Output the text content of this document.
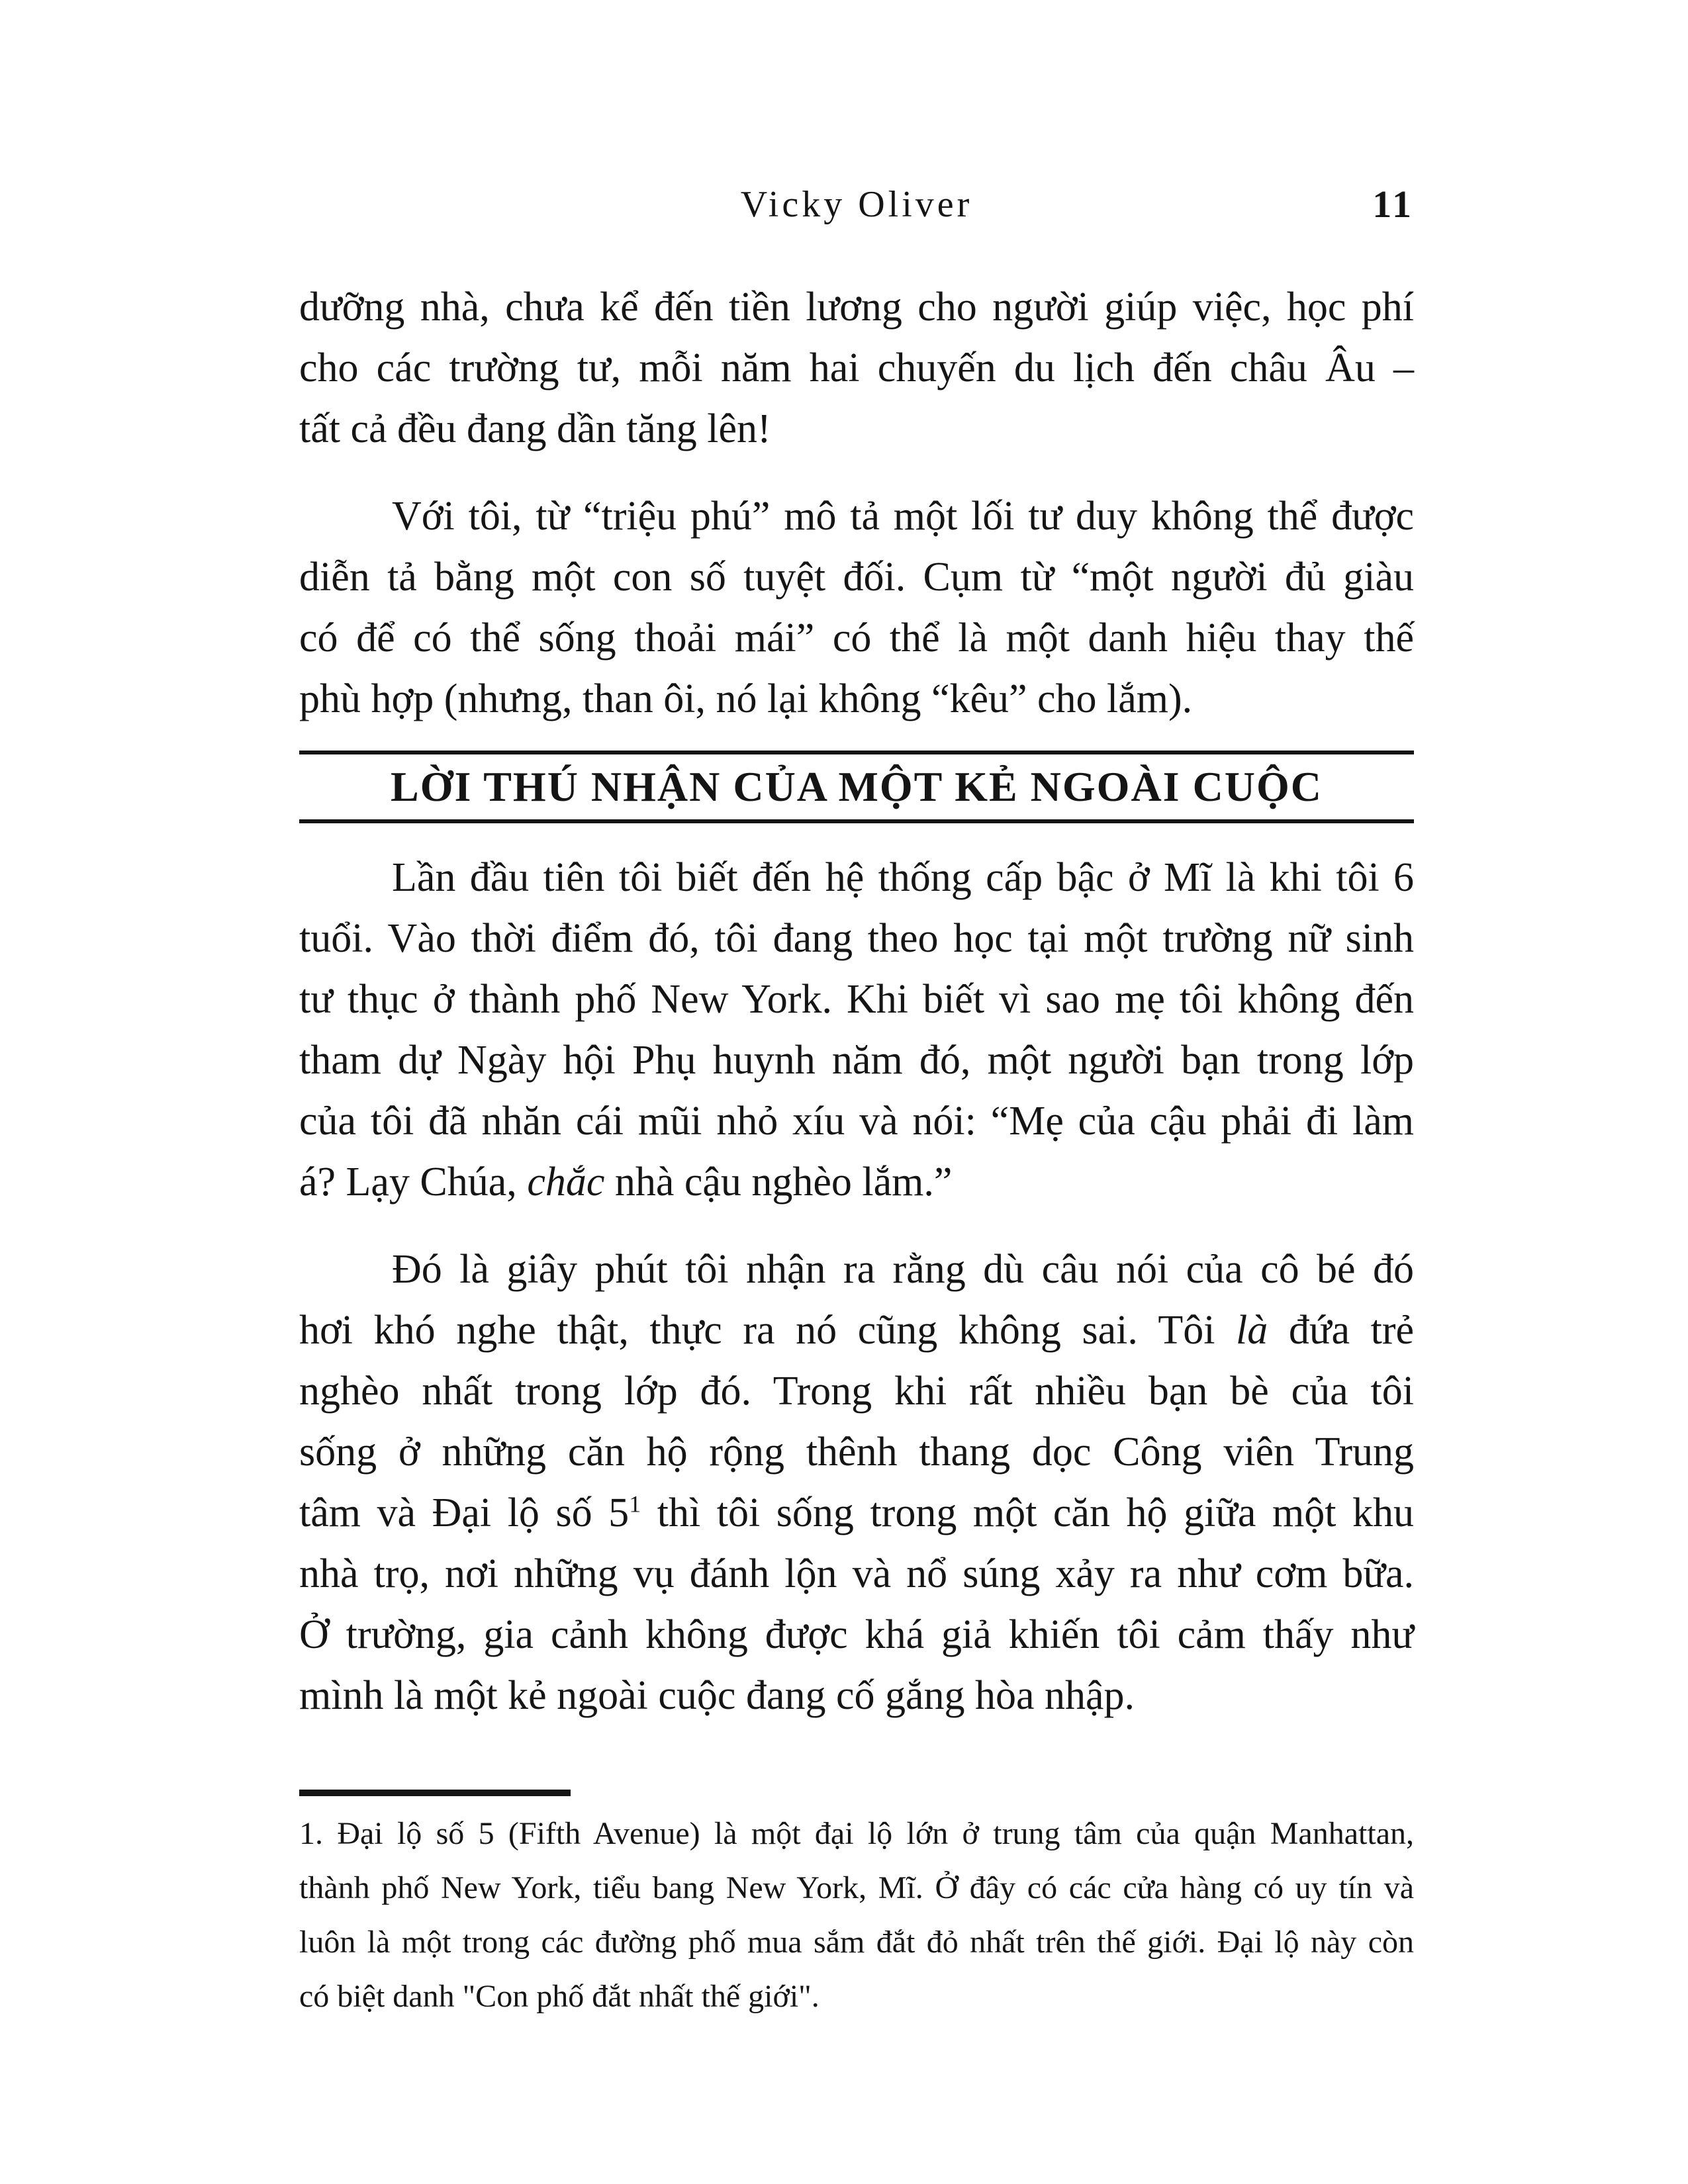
Vicky Oliver	11
dưỡng nhà, chưa kể đến tiền lương cho người giúp việc, học phí
cho các trường tư, mỗi năm hai chuyến du lịch đến châu Âu –
tất cả đều đang dần tăng lên!
Với tôi, từ “triệu phú” mô tả một lối tư duy không thể được
diễn tả bằng một con số tuyệt đối. Cụm từ “một người đủ giàu
có để có thể sống thoải mái” có thể là một danh hiệu thay thế
phù hợp (nhưng, than ôi, nó lại không “kêu” cho lắm).
LỜI THÚ NHẬN CỦA MỘT KẺ NGOÀI CUỘC
Lần đầu tiên tôi biết đến hệ thống cấp bậc ở Mĩ là khi tôi 6
tuổi. Vào thời điểm đó, tôi đang theo học tại một trường nữ sinh
tư thục ở thành phố New York. Khi biết vì sao mẹ tôi không đến
tham dự Ngày hội Phụ huynh năm đó, một người bạn trong lớp
của tôi đã nhăn cái mũi nhỏ xíu và nói: “Mẹ của cậu phải đi làm
á? Lạy Chúa, chắc nhà cậu nghèo lắm.”
Đó là giây phút tôi nhận ra rằng dù câu nói của cô bé đó
hơi khó nghe thật, thực ra nó cũng không sai. Tôi là đứa trẻ
nghèo nhất trong lớp đó. Trong khi rất nhiều bạn bè của tôi
sống ở những căn hộ rộng thênh thang dọc Công viên Trung
tâm và Đại lộ số $5^1$ thì tôi sống trong một căn hộ giữa một khu
nhà trọ, nơi những vụ đánh lộn và nổ súng xảy ra như cơm bữa.
Ở trường, gia cảnh không được khá giả khiến tôi cảm thấy như
mình là một kẻ ngoài cuộc đang cố gắng hòa nhập.
1. Đại lộ số 5 (Fifth Avenue) là một đại lộ lớn ở trung tâm của quận Manhattan,
thành phố New York, tiểu bang New York, Mĩ. Ở đây có các cửa hàng có uy tín và
luôn là một trong các đường phố mua sắm đắt đỏ nhất trên thế giới. Đại lộ này còn
có biệt danh "Con phố đắt nhất thế giới".
